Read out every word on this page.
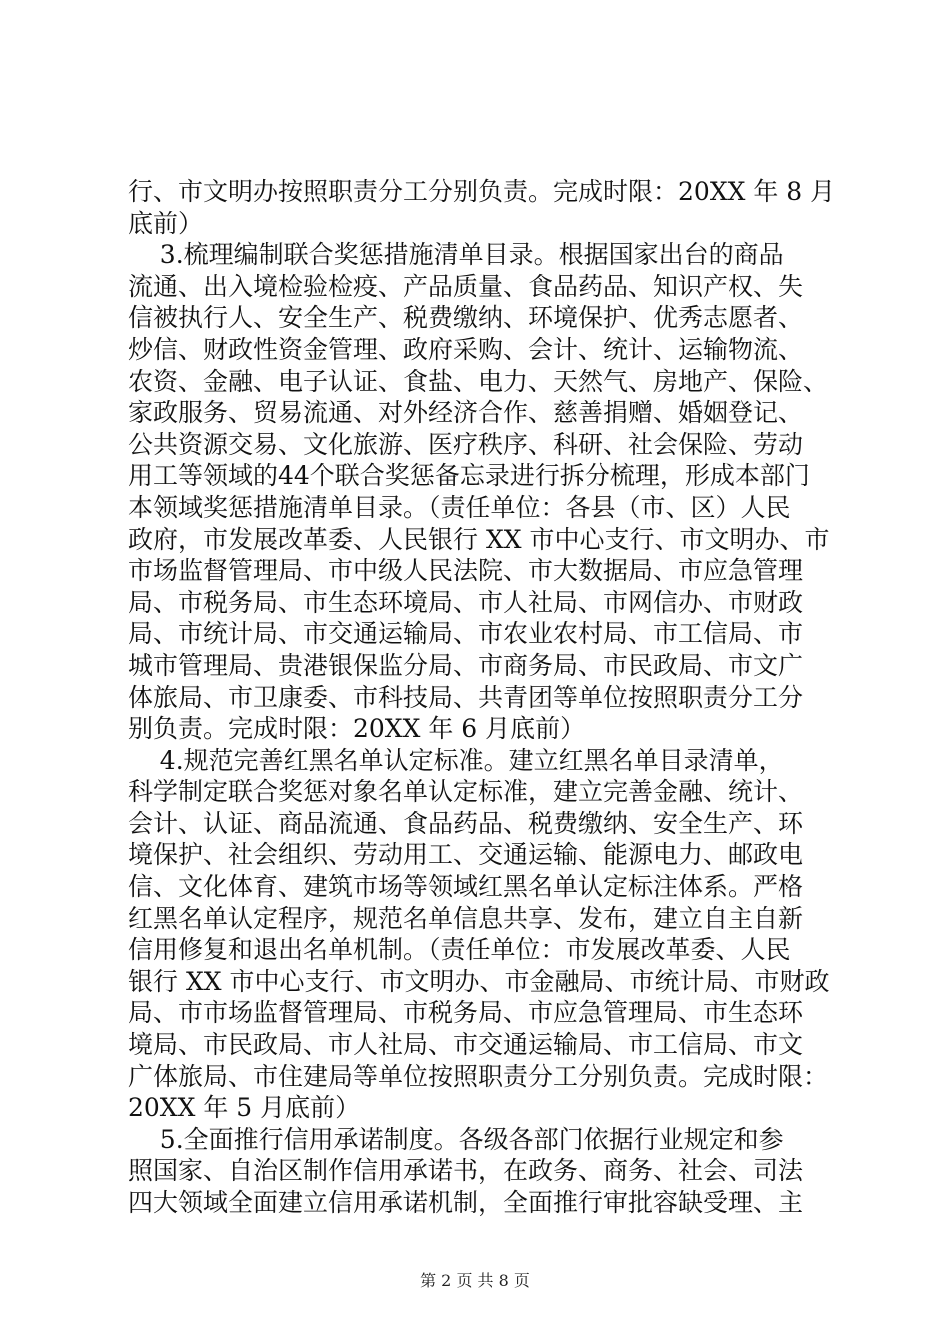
行、市文明办按照职责分工分别负责。完成时限：20XX 年 8 月
底前）
3.梳理编制联合奖惩措施清单目录。根据国家出台的商品
流通、出入境检验检疫、产品质量、食品药品、知识产权、失
信被执行人、安全生产、税费缴纳、环境保护、优秀志愿者、
炒信、财政性资金管理、政府采购、会计、统计、运输物流、
农资、金融、电子认证、食盐、电力、天然气、房地产、保险、
家政服务、贸易流通、对外经济合作、慈善捐赠、婚姻登记、
公共资源交易、文化旅游、医疗秩序、科研、社会保险、劳动
用工等领域的44个联合奖惩备忘录进行拆分梳理，形成本部门
本领域奖惩措施清单目录。（责任单位：各县（市、区）人民
政府，市发展改革委、人民银行 XX 市中心支行、市文明办、市
市场监督管理局、市中级人民法院、市大数据局、市应急管理
局、市税务局、市生态环境局、市人社局、市网信办、市财政
局、市统计局、市交通运输局、市农业农村局、市工信局、市
城市管理局、贵港银保监分局、市商务局、市民政局、市文广
体旅局、市卫康委、市科技局、共青团等单位按照职责分工分
别负责。完成时限：20XX 年 6 月底前）
4.规范完善红黑名单认定标准。建立红黑名单目录清单，
科学制定联合奖惩对象名单认定标准，建立完善金融、统计、
会计、认证、商品流通、食品药品、税费缴纳、安全生产、环
境保护、社会组织、劳动用工、交通运输、能源电力、邮政电
信、文化体育、建筑市场等领域红黑名单认定标注体系。严格
红黑名单认定程序，规范名单信息共享、发布，建立自主自新
信用修复和退出名单机制。（责任单位：市发展改革委、人民
银行 XX 市中心支行、市文明办、市金融局、市统计局、市财政
局、市市场监督管理局、市税务局、市应急管理局、市生态环
境局、市民政局、市人社局、市交通运输局、市工信局、市文
广体旅局、市住建局等单位按照职责分工分别负责。完成时限：
20XX 年 5 月底前）
5.全面推行信用承诺制度。各级各部门依据行业规定和参
照国家、自治区制作信用承诺书，在政务、商务、社会、司法
四大领域全面建立信用承诺机制，全面推行审批容缺受理、主
第 2 页 共 8 页
